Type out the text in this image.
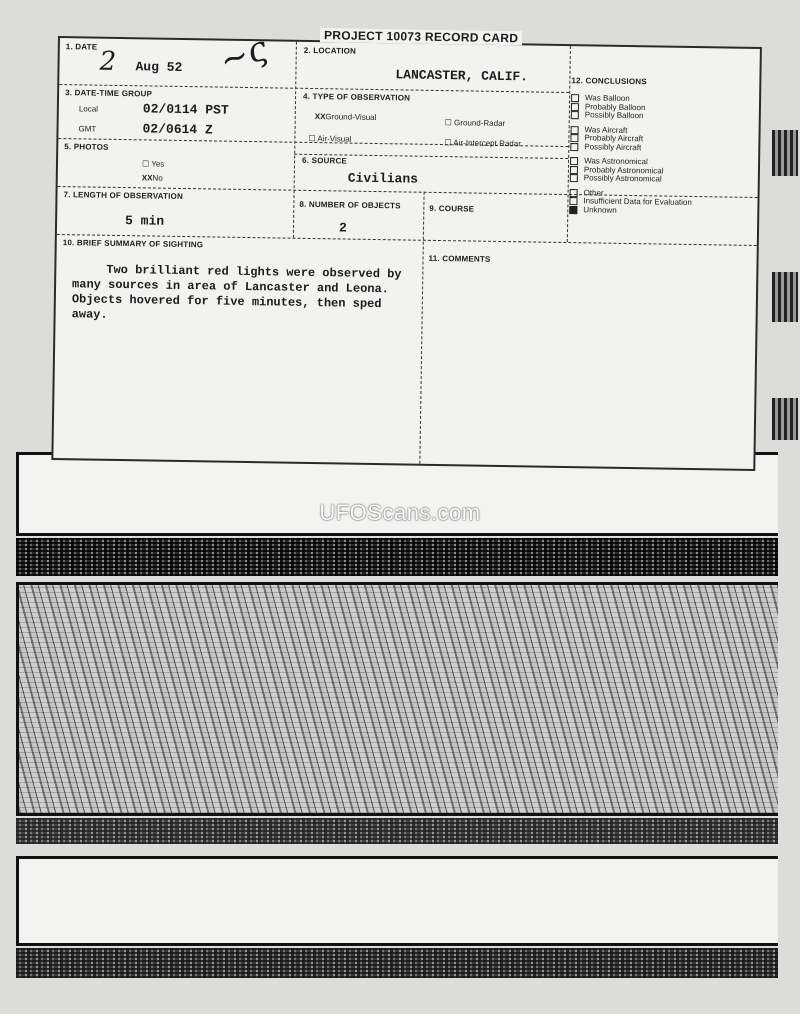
PROJECT 10073 RECORD CARD
1. DATE 2 Aug 52 ~ς	2. LOCATION
LANCASTER, CALIF.
3. DATE-TIME GROUP
Local	02/0114 PST
GMT	02/0614 Z
4. TYPE OF OBSERVATION
XXGround-Visual
☐ Ground-Radar
☐ Air-Visual	☐ Air-Intercept Radar
5. PHOTOS
☐ Yes
XXNo
6. SOURCE
Civilians
7. LENGTH OF OBSERVATION
5 min
8. NUMBER OF OBJECTS
2
9. COURSE
10. BRIEF SUMMARY OF SIGHTING
Two brilliant red lights were observed by many sources in area of Lancaster and Leona. Objects hovered for five minutes, then sped away.
11. COMMENTS
12. CONCLUSIONS
Was Balloon
Probably Balloon
Possibly Balloon
Was Aircraft
Probably Aircraft
Possibly Aircraft
Was Astronomical
Probably Astronomical
Possibly Astronomical
Other
Insufficient Data for Evaluation
Unknown
UFOScans.com
